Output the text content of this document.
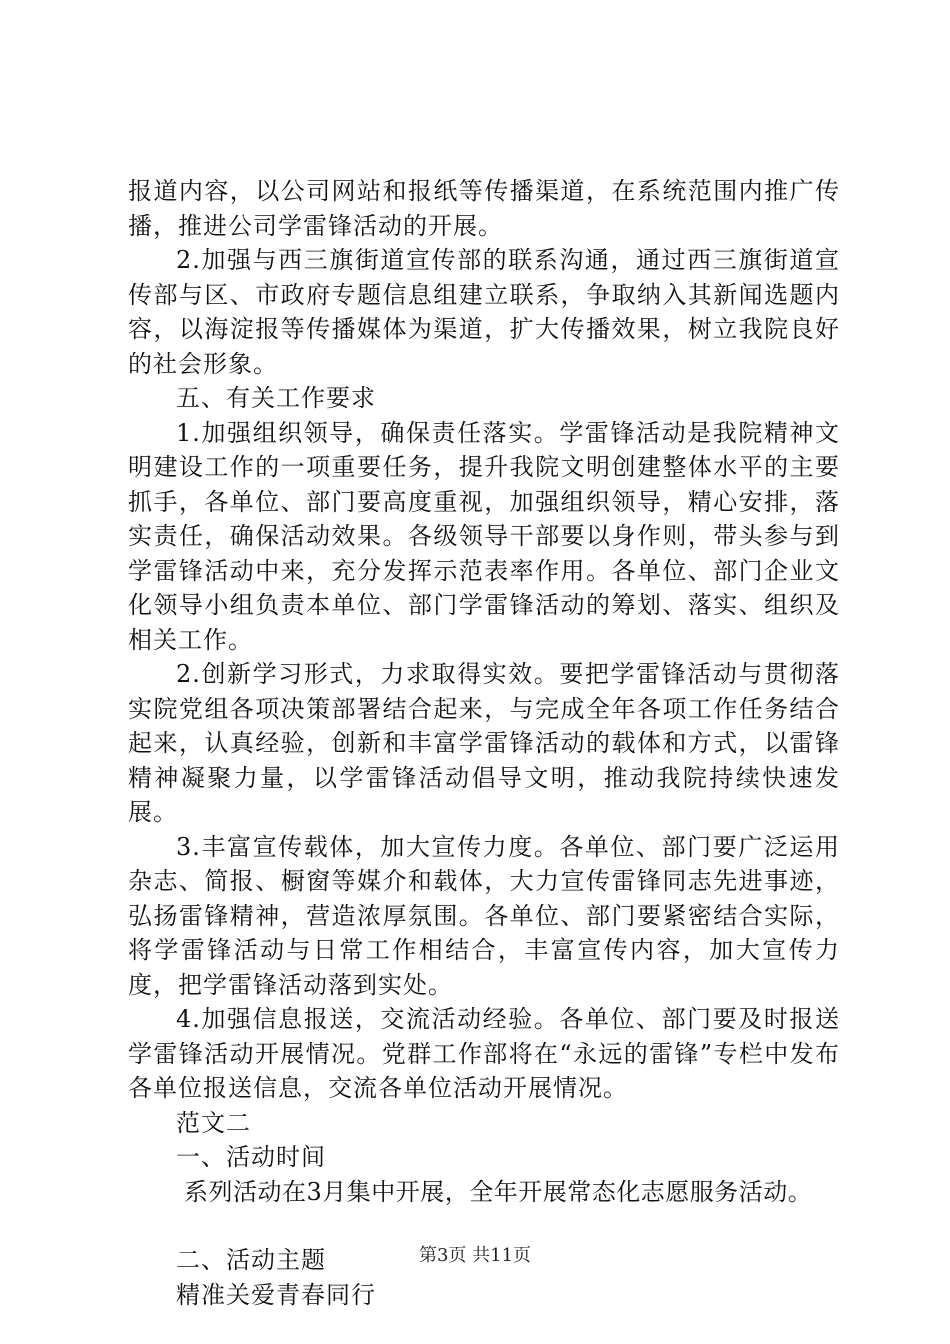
报道内容，以公司网站和报纸等传播渠道，在系统范围内推广传播，推进公司学雷锋活动的开展。

2.加强与西三旗街道宣传部的联系沟通，通过西三旗街道宣传部与区、市政府专题信息组建立联系，争取纳入其新闻选题内容，以海淀报等传播媒体为渠道，扩大传播效果，树立我院良好的社会形象。

五、有关工作要求

1.加强组织领导，确保责任落实。学雷锋活动是我院精神文明建设工作的一项重要任务，提升我院文明创建整体水平的主要抓手，各单位、部门要高度重视，加强组织领导，精心安排，落实责任，确保活动效果。各级领导干部要以身作则，带头参与到学雷锋活动中来，充分发挥示范表率作用。各单位、部门企业文化领导小组负责本单位、部门学雷锋活动的筹划、落实、组织及相关工作。

2.创新学习形式，力求取得实效。要把学雷锋活动与贯彻落实院党组各项决策部署结合起来，与完成全年各项工作任务结合起来，认真经验，创新和丰富学雷锋活动的载体和方式，以雷锋精神凝聚力量，以学雷锋活动倡导文明，推动我院持续快速发展。

3.丰富宣传载体，加大宣传力度。各单位、部门要广泛运用杂志、简报、橱窗等媒介和载体，大力宣传雷锋同志先进事迹，弘扬雷锋精神，营造浓厚氛围。各单位、部门要紧密结合实际，将学雷锋活动与日常工作相结合，丰富宣传内容，加大宣传力度，把学雷锋活动落到实处。

4.加强信息报送，交流活动经验。各单位、部门要及时报送学雷锋活动开展情况。党群工作部将在“永远的雷锋”专栏中发布各单位报送信息，交流各单位活动开展情况。

范文二

一、活动时间

系列活动在3月集中开展，全年开展常态化志愿服务活动。

二、活动主题

精准关爱青春同行

第3页 共11页
